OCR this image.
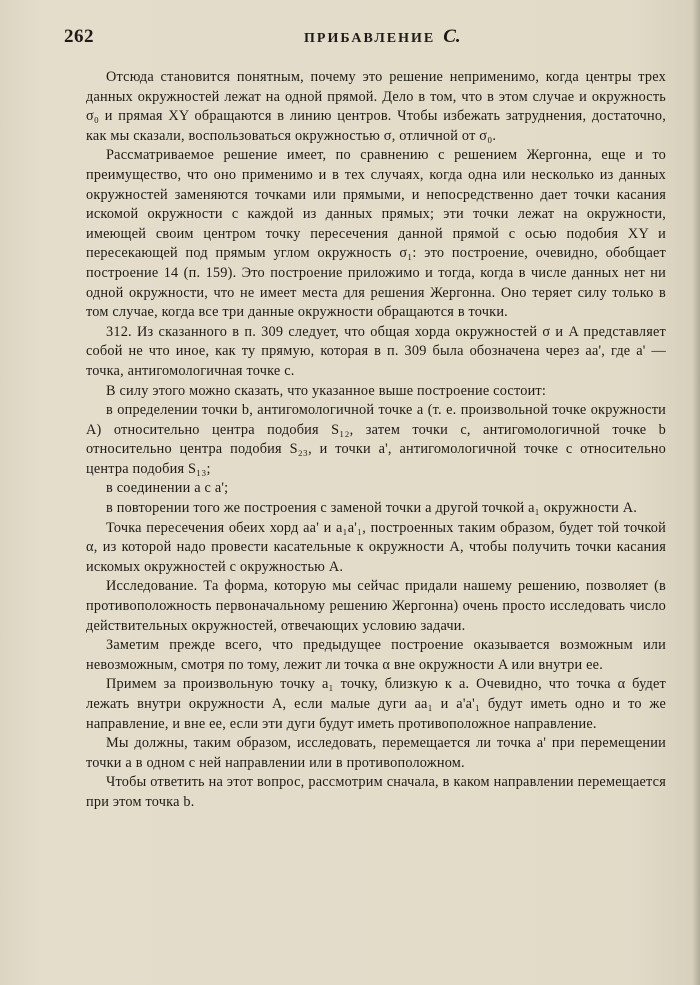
262	ПРИБАВЛЕНИЕ C.

Отсюда становится понятным, почему это решение неприменимо, когда центры трех данных окружностей лежат на одной прямой. Дело в том, что в этом случае и окружность σ₀ и прямая XY обращаются в линию центров. Чтобы избежать затруднения, достаточно, как мы сказали, воспользоваться окружностью σ, отличной от σ₀.

Рассматриваемое решение имеет, по сравнению с решением Жергонна, еще и то преимущество, что оно применимо и в тех случаях, когда одна или несколько из данных окружностей заменяются точками или прямыми, и непосредственно дает точки касания искомой окружности с каждой из данных прямых; эти точки лежат на окружности, имеющей своим центром точку пересечения данной прямой с осью подобия XY и пересекающей под прямым углом окружность σ₁: это построение, очевидно, обобщает построение 14 (п. 159). Это построение приложимо и тогда, когда в числе данных нет ни одной окружности, что не имеет места для решения Жергонна. Оно теряет силу только в том случае, когда все три данные окружности обращаются в точки.

312. Из сказанного в п. 309 следует, что общая хорда окружностей σ и A представляет собой не что иное, как ту прямую, которая в п. 309 была обозначена через aa', где a' — точка, антигомологичная точке c.

В силу этого можно сказать, что указанное выше построение состоит:

в определении точки b, антигомологичной точке a (т. е. произвольной точке окружности A) относительно центра подобия S₁₂, затем точки c, антигомологичной точке b относительно центра подобия S₂₃, и точки a', антигомологичной точке c относительно центра подобия S₁₃;

в соединении a с a';

в повторении того же построения с заменой точки a другой точкой a₁ окружности A.

Точка пересечения обеих хорд aa' и a₁a'₁, построенных таким образом, будет той точкой α, из которой надо провести касательные к окружности A, чтобы получить точки касания искомых окружностей с окружностью A.

Исследование. Та форма, которую мы сейчас придали нашему решению, позволяет (в противоположность первоначальному решению Жергонна) очень просто исследовать число действительных окружностей, отвечающих условию задачи.

Заметим прежде всего, что предыдущее построение оказывается возможным или невозможным, смотря по тому, лежит ли точка α вне окружности A или внутри ее.

Примем за произвольную точку a₁ точку, близкую к a. Очевидно, что точка α будет лежать внутри окружности A, если малые дуги aa₁ и a'a'₁ будут иметь одно и то же направление, и вне ее, если эти дуги будут иметь противоположное направление.

Мы должны, таким образом, исследовать, перемещается ли точка a' при перемещении точки a в одном с ней направлении или в противоположном.

Чтобы ответить на этот вопрос, рассмотрим сначала, в каком направлении перемещается при этом точка b.
